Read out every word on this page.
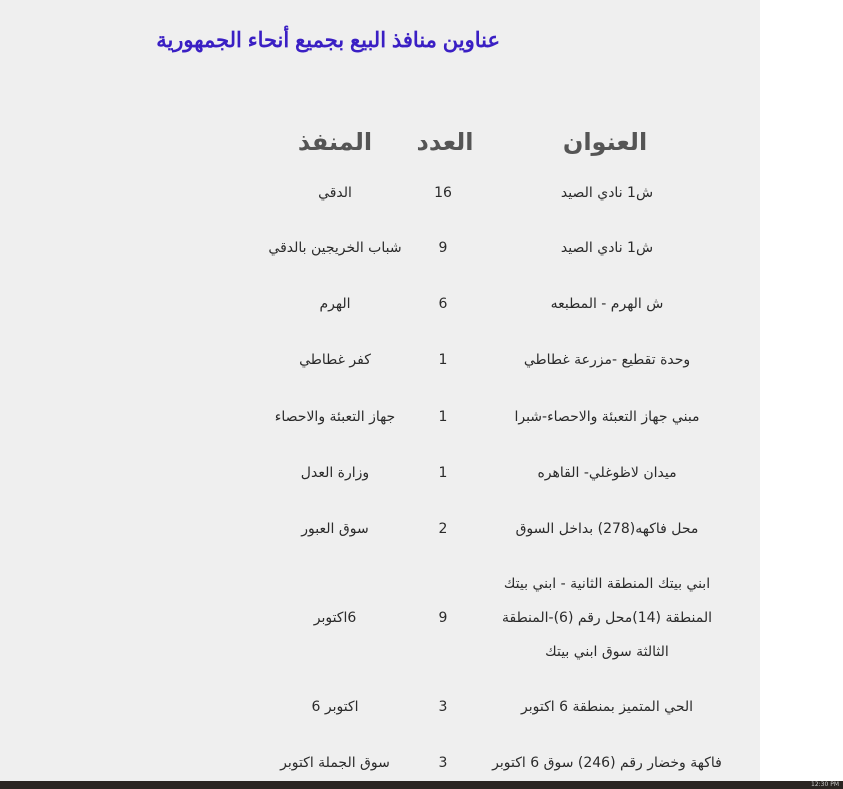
عناوين منافذ البيع بجميع أنحاء الجمهورية
العنوان
العدد
المنفذ
ش1 نادي الصيد
16
الدقي
ش1 نادي الصيد
9
شباب الخريجين بالدقي
ش الهرم - المطبعه
6
الهرم
وحدة تقطيع -مزرعة غطاطي
1
كفر غطاطي
مبني جهاز التعبئة والاحصاء-شبرا
1
جهاز التعبئة والاحصاء
ميدان لاظوغلي- القاهره
1
وزارة العدل
محل فاكهه(278) بداخل السوق
2
سوق العبور
ابني بيتك المنطقة الثانية - ابني بيتك
المنطقة (14)محل رقم (6)-المنطقة
الثالثة سوق ابني بيتك
9
6اكتوبر
الحي المتميز بمنطقة 6 اكتوبر
3
اكتوبر 6
فاكهة وخضار رقم (246) سوق 6 اكتوبر
3
سوق الجملة اكتوبر
12:30 PM
